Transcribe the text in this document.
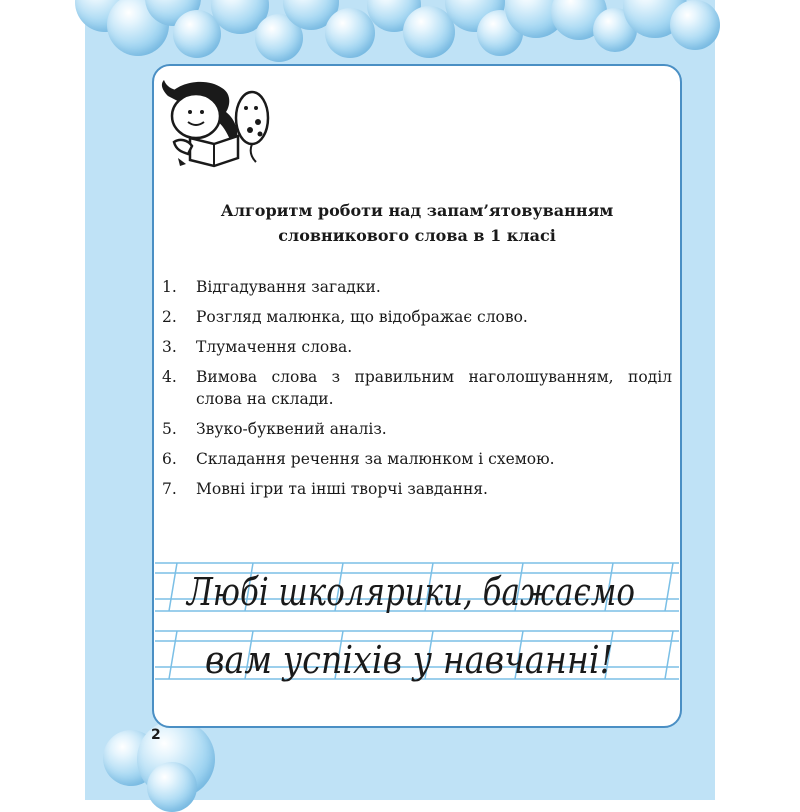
Алгоритм роботи над запам’ятовуванням
словникового слова в 1 класі
1.	Відгадування загадки.
2.	Розгляд малюнка, що відображає слово.
3.	Тлумачення слова.
4.	Вимова слова з правильним наголошуванням, поділ слова на склади.
5.	Звуко-буквений аналіз.
6.	Складання речення за малюнком і схемою.
7.	Мовні ігри та інші творчі завдання.
Любі школярики, бажаємо
вам успіхів у навчанні!
2
